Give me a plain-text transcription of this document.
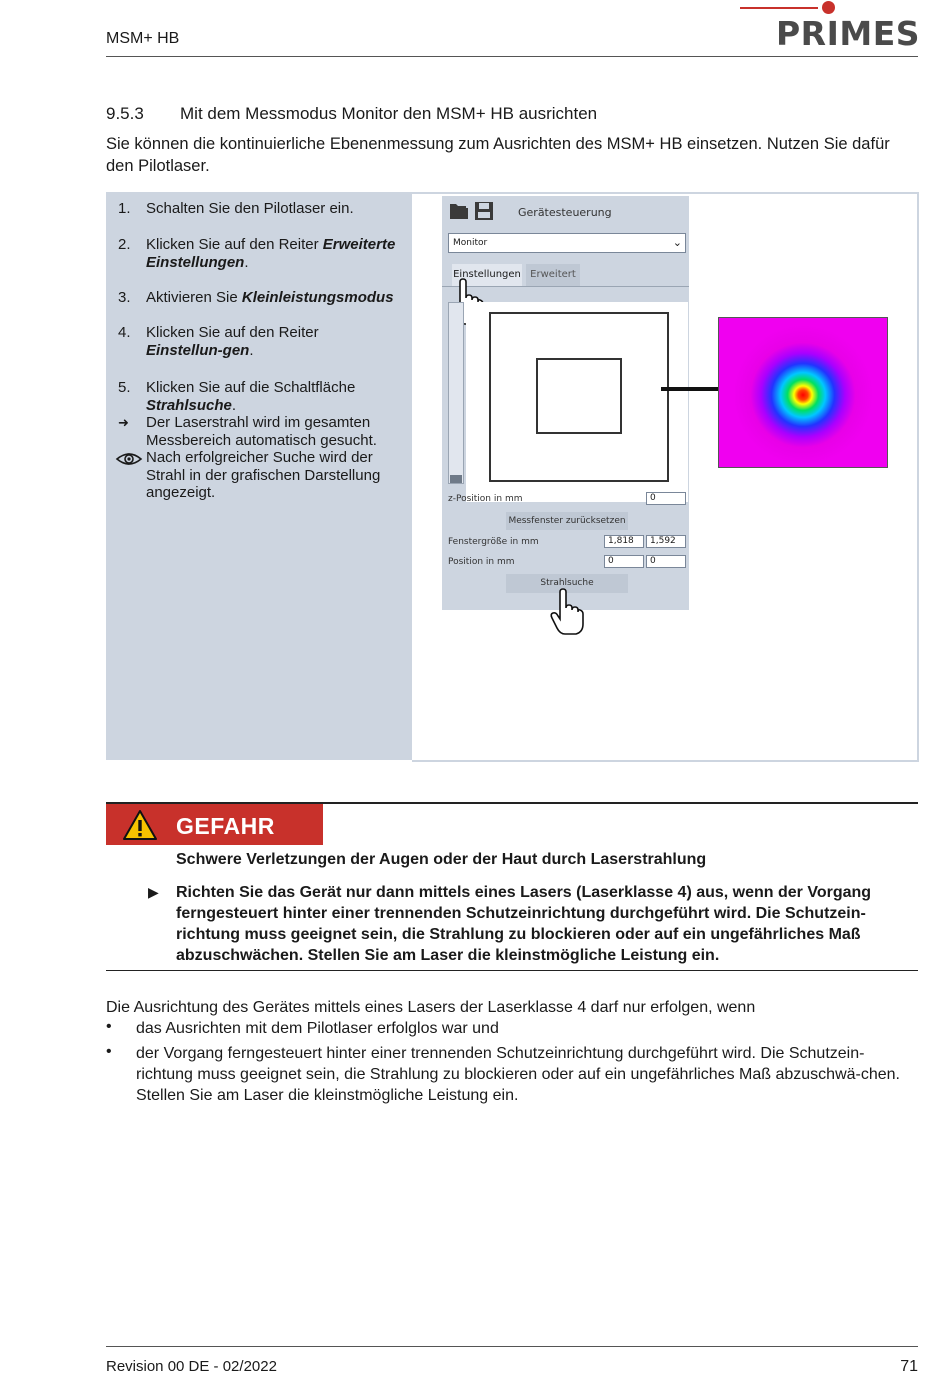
MSM+ HB	PRIMES
9.5.3 Mit dem Messmodus Monitor den MSM+ HB ausrichten
Sie können die kontinuierliche Ebenenmessung zum Ausrichten des MSM+ HB einsetzen. Nutzen Sie dafür den Pilotlaser.
1.	Schalten Sie den Pilotlaser ein.
2.	Klicken Sie auf den Reiter Erweiterte Einstellungen.
3.	Aktivieren Sie Kleinleistungsmodus
4.	Klicken Sie auf den Reiter Einstellun-gen.
5.	Klicken Sie auf die Schaltfläche Strahlsuche.
➜ Der Laserstrahl wird im gesamten Messbereich automatisch gesucht.
Nach erfolgreicher Suche wird der Strahl in der grafischen Darstellung angezeigt.
Gerätesteuerung
Monitor	⌄
Einstellungen Erweitert
z-Position in mm	0
Messfenster zurücksetzen
Fenstergröße in mm	1,818	1,592
Position in mm	0	0
Strahlsuche
GEFAHR
Schwere Verletzungen der Augen oder der Haut durch Laserstrahlung
▶ Richten Sie das Gerät nur dann mittels eines Lasers (Laserklasse 4) aus, wenn der Vorgang ferngesteuert hinter einer trennenden Schutzeinrichtung durchgeführt wird. Die Schutzein-richtung muss geeignet sein, die Strahlung zu blockieren oder auf ein ungefährliches Maß abzuschwächen. Stellen Sie am Laser die kleinstmögliche Leistung ein.
Die Ausrichtung des Gerätes mittels eines Lasers der Laserklasse 4 darf nur erfolgen, wenn
• das Ausrichten mit dem Pilotlaser erfolglos war und
• der Vorgang ferngesteuert hinter einer trennenden Schutzeinrichtung durchgeführt wird. Die Schutzein-richtung muss geeignet sein, die Strahlung zu blockieren oder auf ein ungefährliches Maß abzuschwä-chen. Stellen Sie am Laser die kleinstmögliche Leistung ein.
Revision 00 DE - 02/2022	71
